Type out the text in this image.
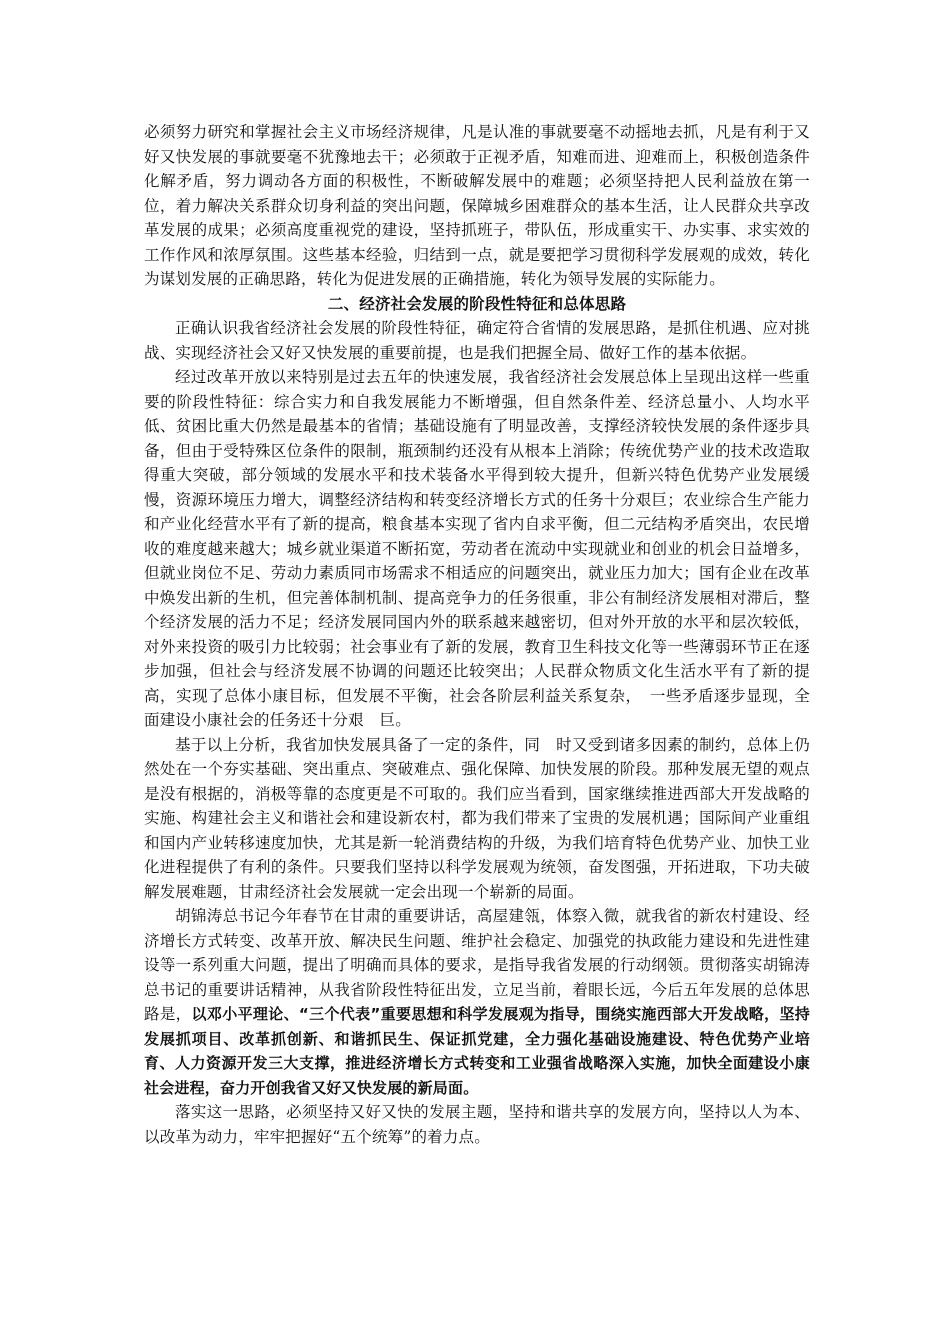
必须努力研究和掌握社会主义市场经济规律，凡是认准的事就要毫不动摇地去抓，凡是有利于又好又快发展的事就要毫不犹豫地去干；必须敢于正视矛盾，知难而进、迎难而上，积极创造条件化解矛盾，努力调动各方面的积极性，不断破解发展中的难题；必须坚持把人民利益放在第一位，着力解决关系群众切身利益的突出问题，保障城乡困难群众的基本生活，让人民群众共享改革发展的成果；必须高度重视党的建设，坚持抓班子，带队伍，形成重实干、办实事、求实效的工作作风和浓厚氛围。这些基本经验，归结到一点，就是要把学习贯彻科学发展观的成效，转化为谋划发展的正确思路，转化为促进发展的正确措施，转化为领导发展的实际能力。

二、经济社会发展的阶段性特征和总体思路

正确认识我省经济社会发展的阶段性特征，确定符合省情的发展思路，是抓住机遇、应对挑战、实现经济社会又好又快发展的重要前提，也是我们把握全局、做好工作的基本依据。

经过改革开放以来特别是过去五年的快速发展，我省经济社会发展总体上呈现出这样一些重要的阶段性特征：综合实力和自我发展能力不断增强，但自然条件差、经济总量小、人均水平低、贫困比重大仍然是最基本的省情；基础设施有了明显改善，支撑经济较快发展的条件逐步具备，但由于受特殊区位条件的限制，瓶颈制约还没有从根本上消除；传统优势产业的技术改造取得重大突破，部分领域的发展水平和技术装备水平得到较大提升，但新兴特色优势产业发展缓慢，资源环境压力增大，调整经济结构和转变经济增长方式的任务十分艰巨；农业综合生产能力和产业化经营水平有了新的提高，粮食基本实现了省内自求平衡，但二元结构矛盾突出，农民增收的难度越来越大；城乡就业渠道不断拓宽，劳动者在流动中实现就业和创业的机会日益增多，但就业岗位不足、劳动力素质同市场需求不相适应的问题突出，就业压力加大；国有企业在改革中焕发出新的生机，但完善体制机制、提高竞争力的任务很重，非公有制经济发展相对滞后，整个经济发展的活力不足；经济发展同国内外的联系越来越密切，但对外开放的水平和层次较低，对外来投资的吸引力比较弱；社会事业有了新的发展，教育卫生科技文化等一些薄弱环节正在逐步加强，但社会与经济发展不协调的问题还比较突出；人民群众物质文化生活水平有了新的提高，实现了总体小康目标，但发展不平衡，社会各阶层利益关系复杂，　一些矛盾逐步显现，全面建设小康社会的任务还十分艰　巨。

基于以上分析，我省加快发展具备了一定的条件，同　时又受到诸多因素的制约，总体上仍然处在一个夯实基础、突出重点、突破难点、强化保障、加快发展的阶段。那种发展无望的观点是没有根据的，消极等靠的态度更是不可取的。我们应当看到，国家继续推进西部大开发战略的实施、构建社会主义和谐社会和建设新农村，都为我们带来了宝贵的发展机遇；国际间产业重组和国内产业转移速度加快，尤其是新一轮消费结构的升级，为我们培育特色优势产业、加快工业化进程提供了有利的条件。只要我们坚持以科学发展观为统领，奋发图强，开拓进取，下功夫破解发展难题，甘肃经济社会发展就一定会出现一个崭新的局面。

胡锦涛总书记今年春节在甘肃的重要讲话，高屋建瓴，体察入微，就我省的新农村建设、经济增长方式转变、改革开放、解决民生问题、维护社会稳定、加强党的执政能力建设和先进性建设等一系列重大问题，提出了明确而具体的要求，是指导我省发展的行动纲领。贯彻落实胡锦涛总书记的重要讲话精神，从我省阶段性特征出发，立足当前，着眼长远，今后五年发展的总体思路是，以邓小平理论、“三个代表”重要思想和科学发展观为指导，围绕实施西部大开发战略，坚持发展抓项目、改革抓创新、和谐抓民生、保证抓党建，全力强化基础设施建设、特色优势产业培育、人力资源开发三大支撑，推进经济增长方式转变和工业强省战略深入实施，加快全面建设小康社会进程，奋力开创我省又好又快发展的新局面。

落实这一思路，必须坚持又好又快的发展主题，坚持和谐共享的发展方向，坚持以人为本、以改革为动力，牢牢把握好“五个统筹”的着力点。
